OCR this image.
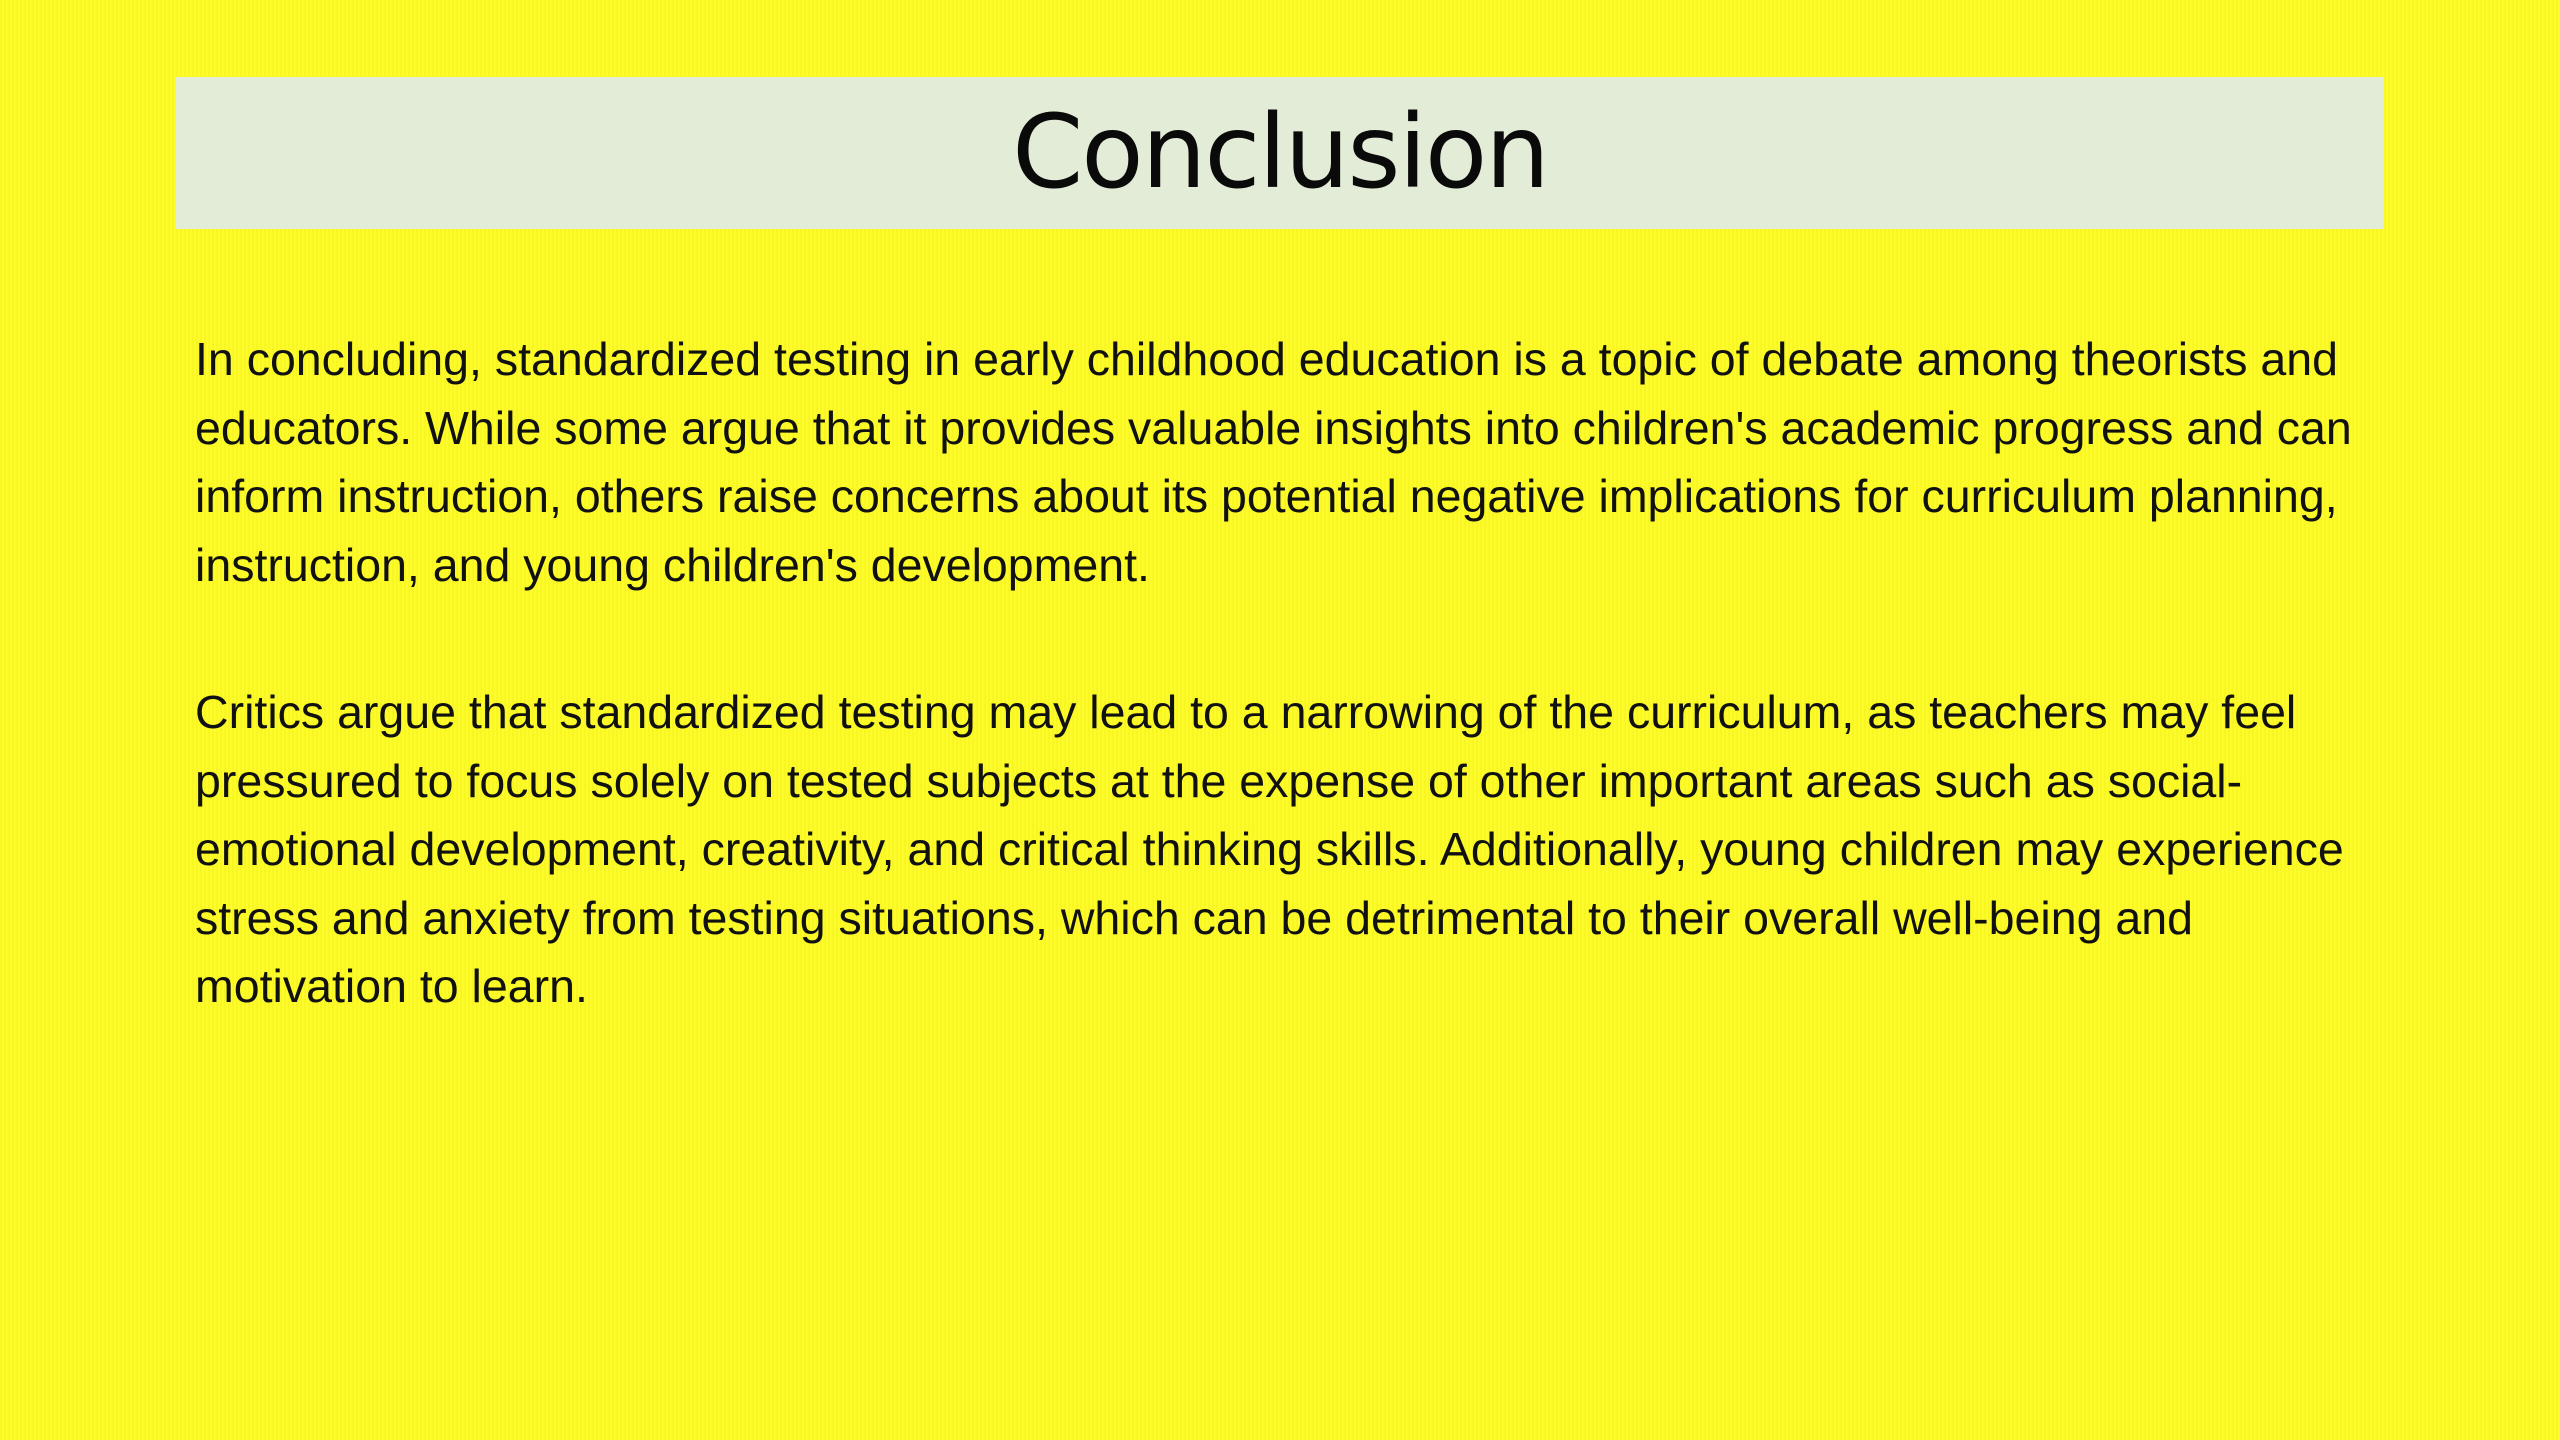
Conclusion

In concluding, standardized testing in early childhood education is a topic of debate among theorists and educators. While some argue that it provides valuable insights into children's academic progress and can inform instruction, others raise concerns about its potential negative implications for curriculum planning, instruction, and young children's development.

Critics argue that standardized testing may lead to a narrowing of the curriculum, as teachers may feel pressured to focus solely on tested subjects at the expense of other important areas such as social-emotional development, creativity, and critical thinking skills. Additionally, young children may experience stress and anxiety from testing situations, which can be detrimental to their overall well-being and motivation to learn.
